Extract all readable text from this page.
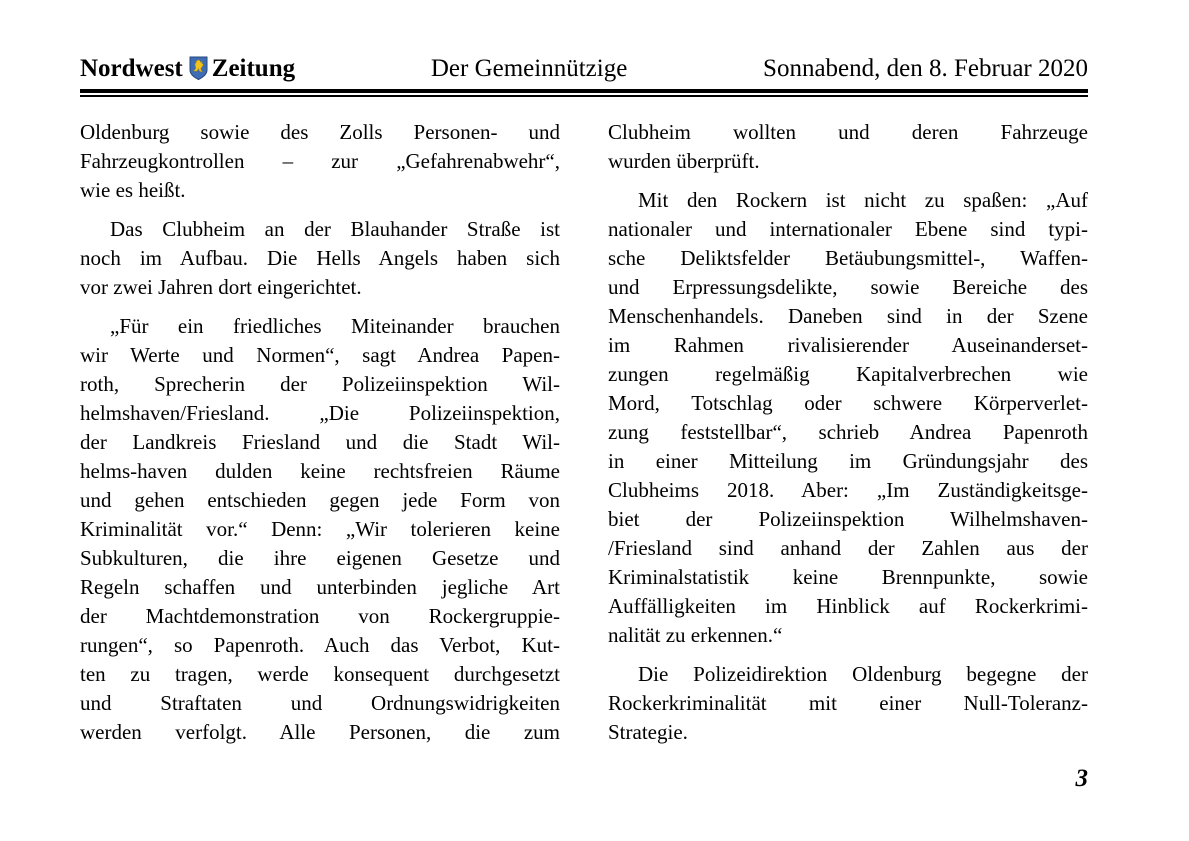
Nordwest Zeitung	Der Gemeinnützige	Sonnabend, den 8. Februar 2020
Oldenburg sowie des Zolls Personen- und
Fahrzeugkontrollen – zur „Gefahrenabwehr“,
wie es heißt.
Das Clubheim an der Blauhander Straße ist
noch im Aufbau. Die Hells Angels haben sich
vor zwei Jahren dort eingerichtet.
„Für ein friedliches Miteinander brauchen
wir Werte und Normen“, sagt Andrea Papen-
roth, Sprecherin der Polizeiinspektion Wil-
helmshaven/Friesland. „Die Polizeiinspektion,
der Landkreis Friesland und die Stadt Wil-
helms-haven dulden keine rechtsfreien Räume
und gehen entschieden gegen jede Form von
Kriminalität vor.“ Denn: „Wir tolerieren keine
Subkulturen, die ihre eigenen Gesetze und
Regeln schaffen und unterbinden jegliche Art
der Machtdemonstration von Rockergruppie-
rungen“, so Papenroth. Auch das Verbot, Kut-
ten zu tragen, werde konsequent durchgesetzt
und Straftaten und Ordnungswidrigkeiten
werden verfolgt. Alle Personen, die zum
Clubheim wollten und deren Fahrzeuge
wurden überprüft.
Mit den Rockern ist nicht zu spaßen: „Auf
nationaler und internationaler Ebene sind typi-
sche Deliktsfelder Betäubungsmittel-, Waffen-
und Erpressungsdelikte, sowie Bereiche des
Menschenhandels. Daneben sind in der Szene
im Rahmen rivalisierender Auseinanderset-
zungen regelmäßig Kapitalverbrechen wie
Mord, Totschlag oder schwere Körperverlet-
zung feststellbar“, schrieb Andrea Papenroth
in einer Mitteilung im Gründungsjahr des
Clubheims 2018. Aber: „Im Zuständigkeitsge-
biet der Polizeiinspektion Wilhelmshaven-
/Friesland sind anhand der Zahlen aus der
Kriminalstatistik keine Brennpunkte, sowie
Auffälligkeiten im Hinblick auf Rockerkrimi-
nalität zu erkennen.“
Die Polizeidirektion Oldenburg begegne der
Rockerkriminalität mit einer Null-Toleranz-
Strategie.
3
